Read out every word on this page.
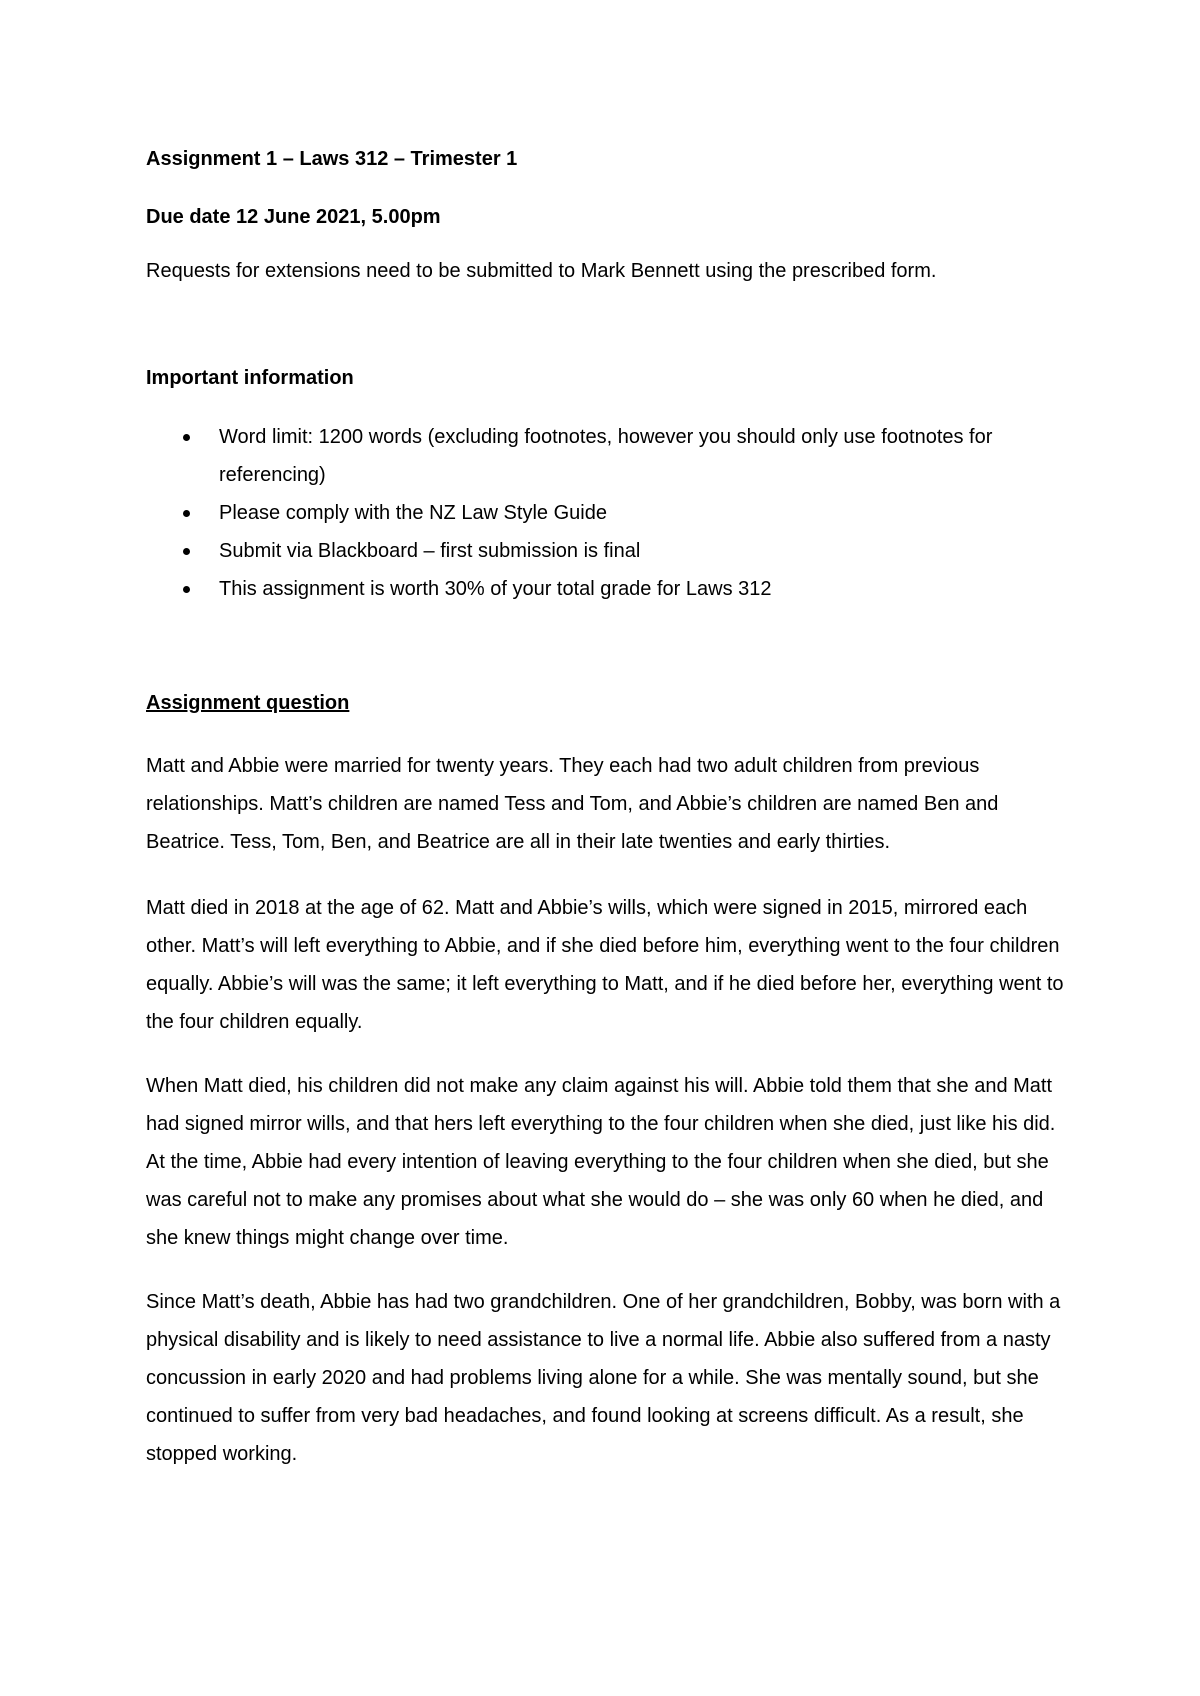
Assignment 1 – Laws 312 – Trimester 1
Due date 12 June 2021, 5.00pm
Requests for extensions need to be submitted to Mark Bennett using the prescribed form.
Important information
Word limit: 1200 words (excluding footnotes, however you should only use footnotes for referencing)
Please comply with the NZ Law Style Guide
Submit via Blackboard – first submission is final
This assignment is worth 30% of your total grade for Laws 312
Assignment question

Matt and Abbie were married for twenty years. They each had two adult children from previous relationships. Matt’s children are named Tess and Tom, and Abbie’s children are named Ben and Beatrice. Tess, Tom, Ben, and Beatrice are all in their late twenties and early thirties.

Matt died in 2018 at the age of 62. Matt and Abbie’s wills, which were signed in 2015, mirrored each other. Matt’s will left everything to Abbie, and if she died before him, everything went to the four children equally. Abbie’s will was the same; it left everything to Matt, and if he died before her, everything went to the four children equally.

When Matt died, his children did not make any claim against his will. Abbie told them that she and Matt had signed mirror wills, and that hers left everything to the four children when she died, just like his did. At the time, Abbie had every intention of leaving everything to the four children when she died, but she was careful not to make any promises about what she would do – she was only 60 when he died, and she knew things might change over time.

Since Matt’s death, Abbie has had two grandchildren. One of her grandchildren, Bobby, was born with a physical disability and is likely to need assistance to live a normal life. Abbie also suffered from a nasty concussion in early 2020 and had problems living alone for a while. She was mentally sound, but she continued to suffer from very bad headaches, and found looking at screens difficult. As a result, she stopped working.
